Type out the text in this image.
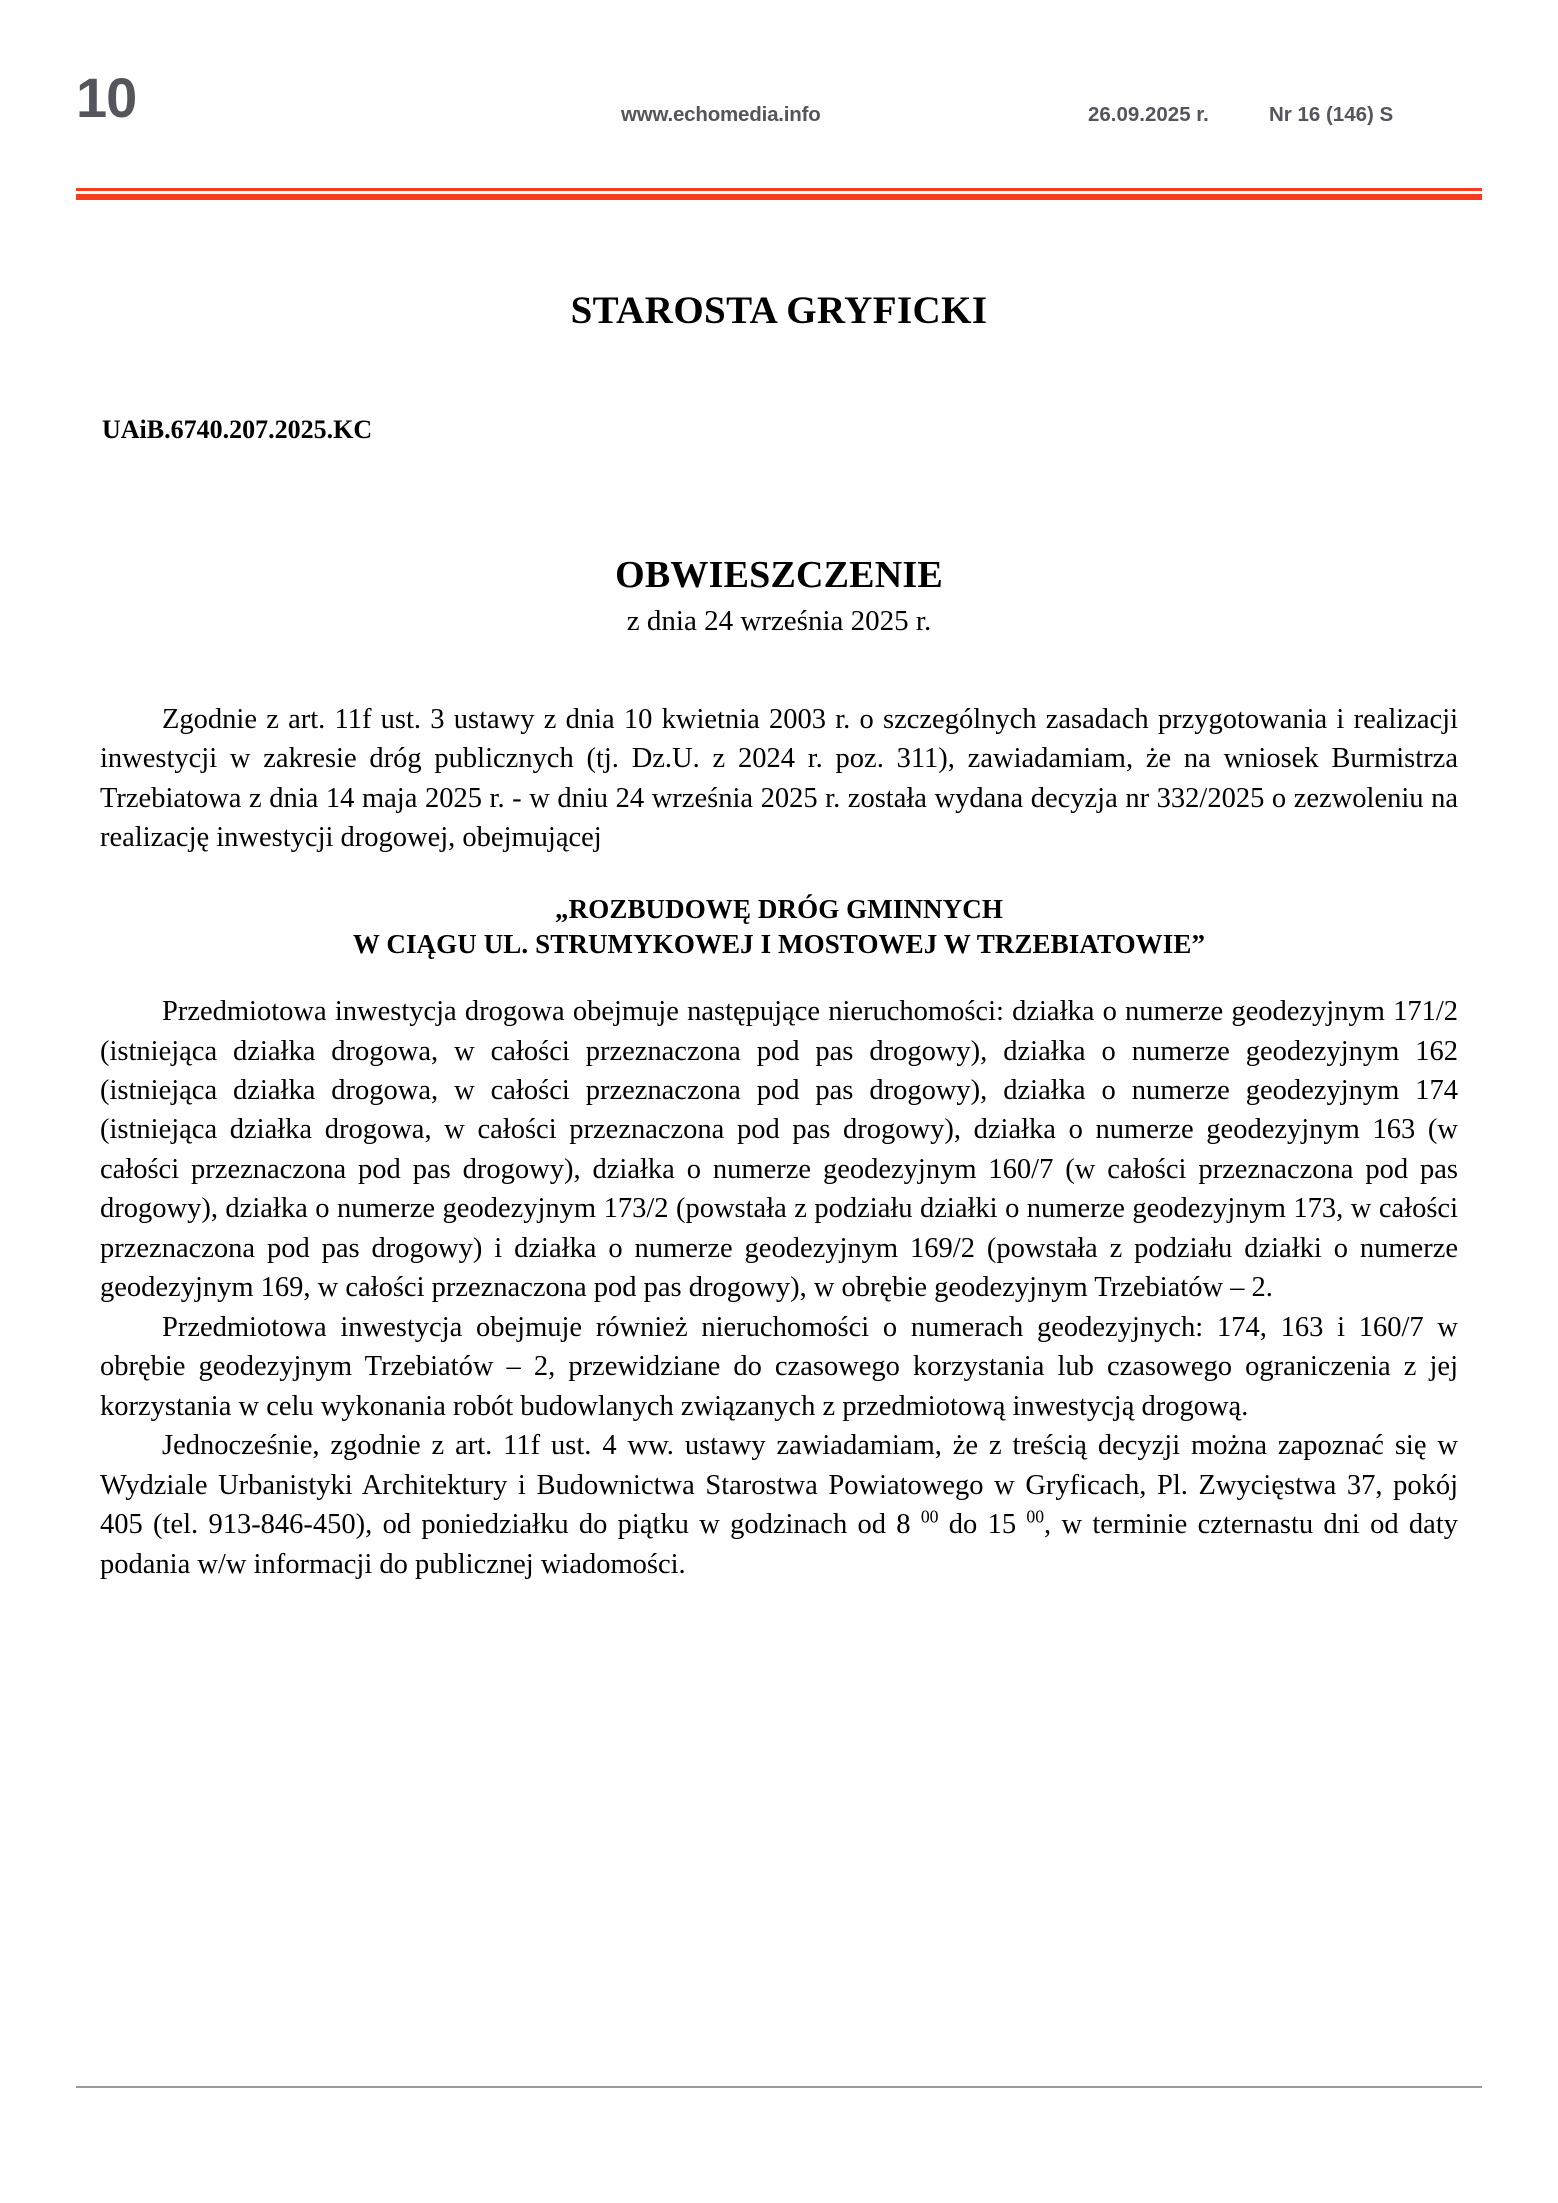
10	www.echomedia.info	26.09.2025 r.	Nr 16 (146) S
STAROSTA GRYFICKI
UAiB.6740.207.2025.KC
OBWIESZCZENIE
z dnia 24 września 2025 r.

Zgodnie z art. 11f ust. 3 ustawy z dnia 10 kwietnia 2003 r. o szczególnych zasadach przygotowania i realizacji inwestycji w zakresie dróg publicznych (tj. Dz.U. z 2024 r. poz. 311), zawiadamiam, że na wniosek Burmistrza Trzebiatowa z dnia 14 maja 2025 r. - w dniu 24 września 2025 r. została wydana decyzja nr 332/2025 o zezwoleniu na realizację inwestycji drogowej, obejmującej

„ROZBUDOWĘ DRÓG GMINNYCH
W CIĄGU UL. STRUMYKOWEJ I MOSTOWEJ W TRZEBIATOWIE”

Przedmiotowa inwestycja drogowa obejmuje następujące nieruchomości: działka o numerze geodezyjnym 171/2 (istniejąca działka drogowa, w całości przeznaczona pod pas drogowy), działka o numerze geodezyjnym 162 (istniejąca działka drogowa, w całości przeznaczona pod pas drogowy), działka o numerze geodezyjnym 174 (istniejąca działka drogowa, w całości przeznaczona pod pas drogowy), działka o numerze geodezyjnym 163 (w całości przeznaczona pod pas drogowy), działka o numerze geodezyjnym 160/7 (w całości przeznaczona pod pas drogowy), działka o numerze geodezyjnym 173/2 (powstała z podziału działki o numerze geodezyjnym 173, w całości przeznaczona pod pas drogowy) i działka o numerze geodezyjnym 169/2 (powstała z podziału działki o numerze geodezyjnym 169, w całości przeznaczona pod pas drogowy), w obrębie geodezyjnym Trzebiatów – 2.

Przedmiotowa inwestycja obejmuje również nieruchomości o numerach geodezyjnych: 174, 163 i 160/7 w obrębie geodezyjnym Trzebiatów – 2, przewidziane do czasowego korzystania lub czasowego ograniczenia z jej korzystania w celu wykonania robót budowlanych związanych z przedmiotową inwestycją drogową.

Jednocześnie, zgodnie z art. 11f ust. 4 ww. ustawy zawiadamiam, że z treścią decyzji można zapoznać się w Wydziale Urbanistyki Architektury i Budownictwa Starostwa Powiatowego w Gryficach, Pl. Zwycięstwa 37, pokój 405 (tel. 913-846-450), od poniedziałku do piątku w godzinach od 8 $^{00}$ do 15 $^{00}$, w terminie czternastu dni od daty podania w/w informacji do publicznej wiadomości.
